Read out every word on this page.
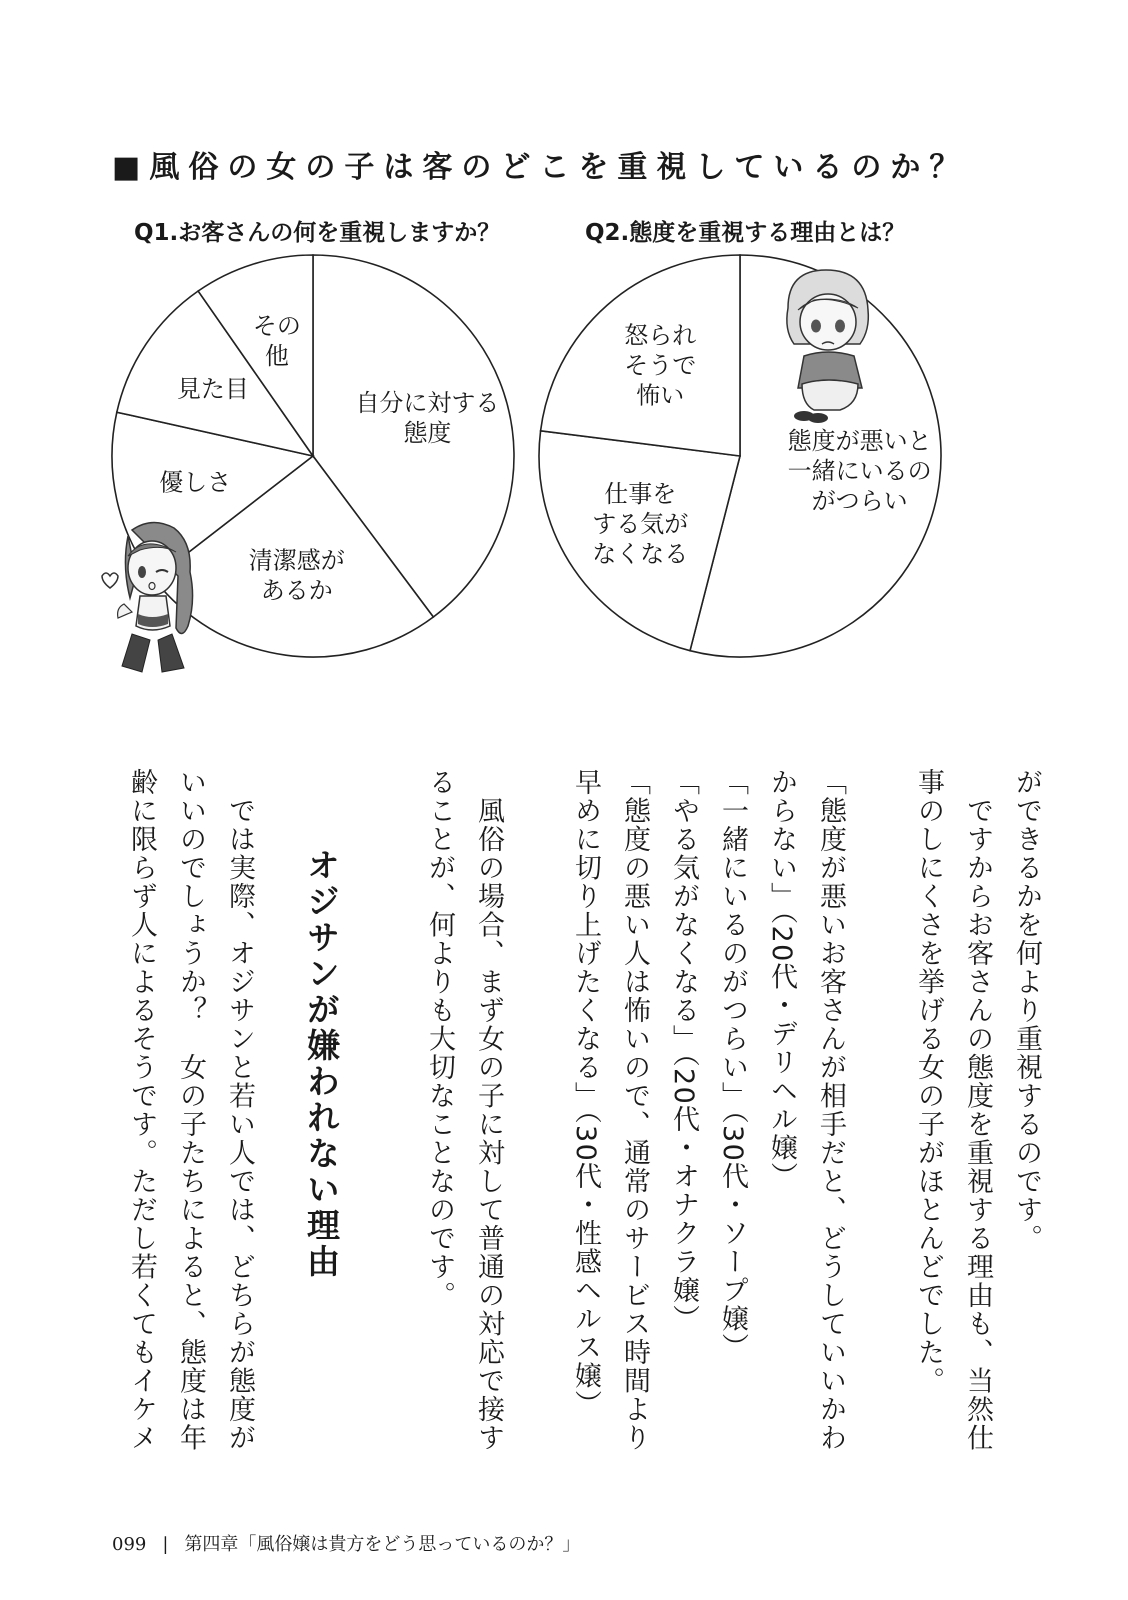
■風俗の女の子は客のどこを重視しているのか？
Q1.お客さんの何を重視しますか？	Q2.態度を重視する理由とは？
自分に対する態度
清潔感があるか
優しさ
見た目
その他
態度が悪いと一緒にいるのがつらい
仕事をする気がなくなる
怒られそうで怖い
ができるかを何より重視するのです。
　ですからお客さんの態度を重視する理由も、当然仕
事のしにくさを挙げる女の子がほとんどでした。
「態度が悪いお客さんが相手だと、どうしていいかわ
からない」（20代・デリヘル嬢）
「一緒にいるのがつらい」（30代・ソープ嬢）
「やる気がなくなる」（20代・オナクラ嬢）
「態度の悪い人は怖いので、通常のサービス時間より
早めに切り上げたくなる」（30代・性感ヘルス嬢）
　風俗の場合、まず女の子に対して普通の対応で接す
ることが、何よりも大切なことなのです。
オジサンが嫌われない理由
　では実際、オジサンと若い人では、どちらが態度が
いいのでしょうか？　女の子たちによると、態度は年
齢に限らず人によるそうです。ただし若くてもイケメ
099 | 第四章「風俗嬢は貴方をどう思っているのか？」
